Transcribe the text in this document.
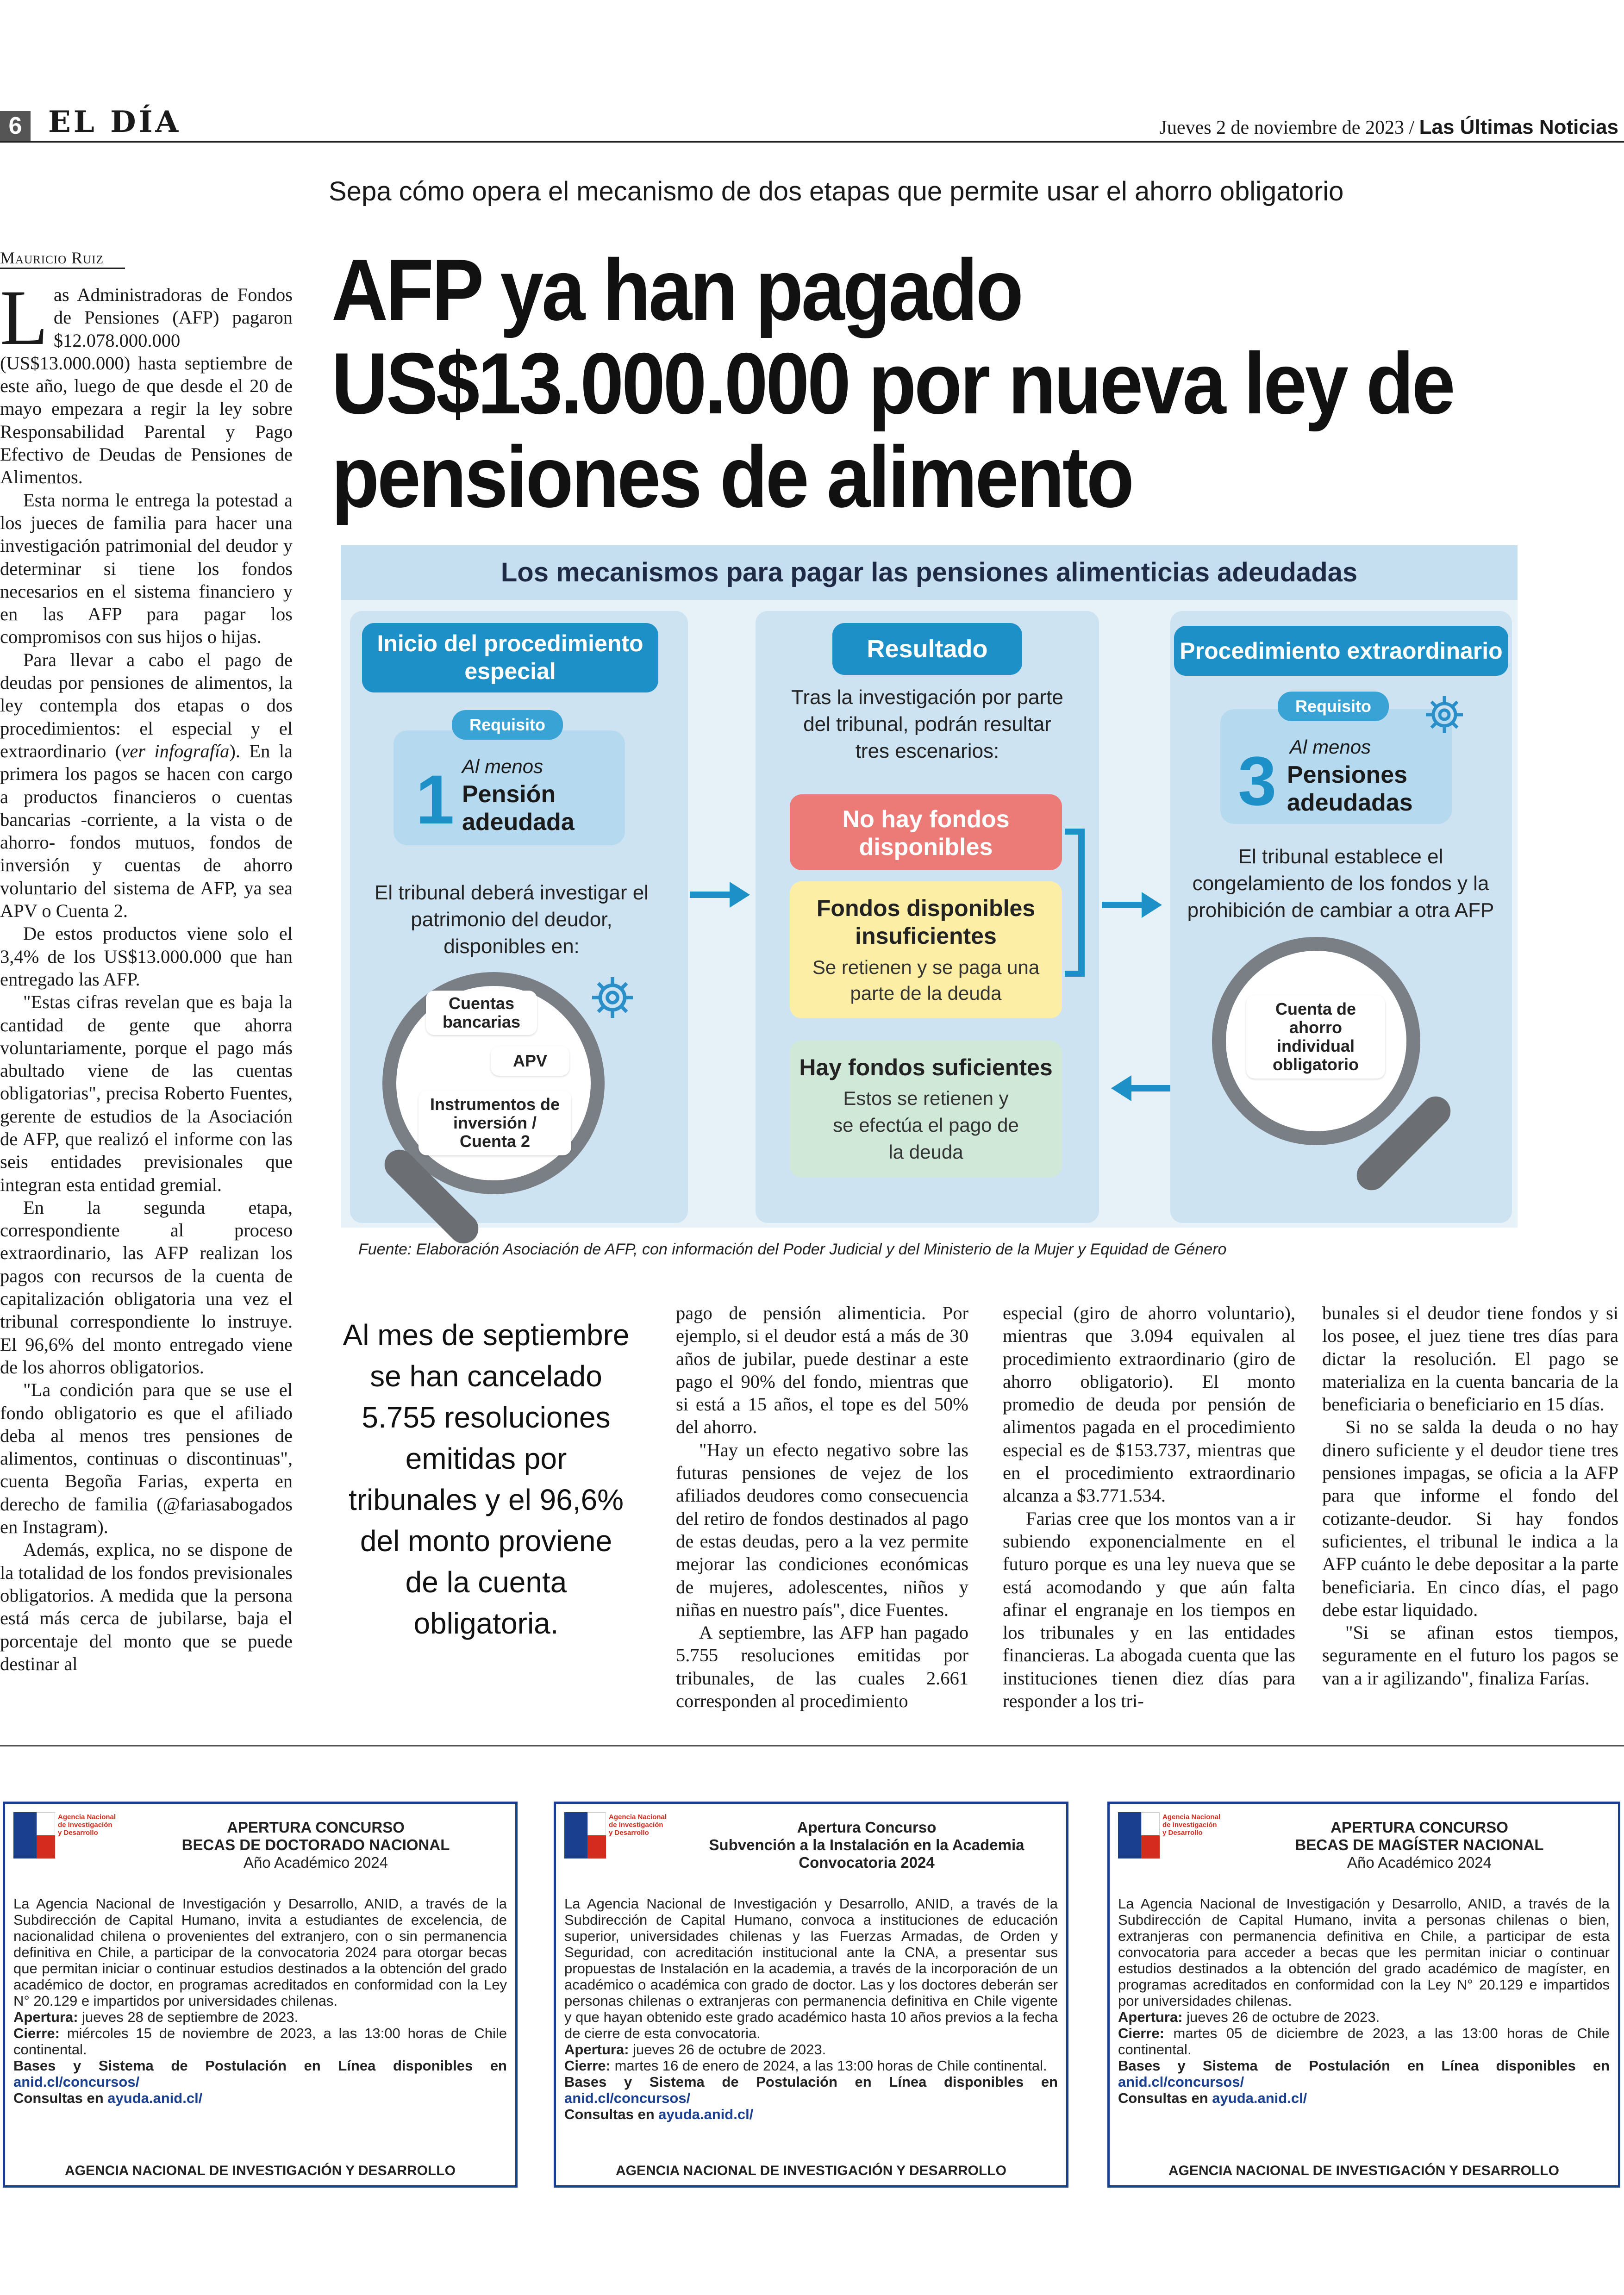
6 EL DÍA	Jueves 2 de noviembre de 2023 / Las Últimas Noticias
Sepa cómo opera el mecanismo de dos etapas que permite usar el ahorro obligatorio
Mauricio Ruiz	AFP ya han pagado
US$13.000.000 por nueva ley de
pensiones de alimento

Las Administradoras de Fondos de Pensiones (AFP) pagaron $12.078.000.000 (US$13.000.000) hasta septiembre de este año, luego de que desde el 20 de mayo empezara a regir la ley sobre Responsabilidad Parental y Pago Efectivo de Deudas de Pensiones de Alimentos.

Esta norma le entrega la potestad a los jueces de familia para hacer una investigación patrimonial del deudor y determinar si tiene los fondos necesarios en el sistema financiero y en las AFP para pagar los compromisos con sus hijos o hijas.

Para llevar a cabo el pago de deudas por pensiones de alimentos, la ley contempla dos etapas o dos procedimientos: el especial y el extraordinario (ver infografía). En la primera los pagos se hacen con cargo a productos financieros o cuentas bancarias -corriente, a la vista o de ahorro- fondos mutuos, fondos de inversión y cuentas de ahorro voluntario del sistema de AFP, ya sea APV o Cuenta 2.

De estos productos viene solo el 3,4% de los US$13.000.000 que han entregado las AFP.

"Estas cifras revelan que es baja la cantidad de gente que ahorra voluntariamente, porque el pago más abultado viene de las cuentas obligatorias", precisa Roberto Fuentes, gerente de estudios de la Asociación de AFP, que realizó el informe con las seis entidades previsionales que integran esta entidad gremial.

En la segunda etapa, correspondiente al proceso extraordinario, las AFP realizan los pagos con recursos de la cuenta de capitalización obligatoria una vez el tribunal correspondiente lo instruye. El 96,6% del monto entregado viene de los ahorros obligatorios.

"La condición para que se use el fondo obligatorio es que el afiliado deba al menos tres pensiones de alimentos, continuas o discontinuas", cuenta Begoña Farias, experta en derecho de familia (@fariasabogados en Instagram).

Además, explica, no se dispone de la totalidad de los fondos previsionales obligatorios. A medida que la persona está más cerca de jubilarse, baja el porcentaje del monto que se puede destinar al

Los mecanismos para pagar las pensiones alimenticias adeudadas
Inicio del procedimiento especial
Requisito
1 Al menos
Pensión adeudada
El tribunal deberá investigar el patrimonio del deudor, disponibles en:
Cuentas bancarias
APV
Instrumentos de inversión / Cuenta 2
Resultado
Tras la investigación por parte del tribunal, podrán resultar tres escenarios:
No hay fondos disponibles
Fondos disponibles insuficientes
Se retienen y se paga una parte de la deuda
Hay fondos suficientes
Estos se retienen y se efectúa el pago de la deuda
Procedimiento extraordinario
Requisito
3 Al menos
Pensiones adeudadas
El tribunal establece el congelamiento de los fondos y la prohibición de cambiar a otra AFP
Cuenta de ahorro individual obligatorio
Fuente: Elaboración Asociación de AFP, con información del Poder Judicial y del Ministerio de la Mujer y Equidad de Género
Al mes de septiembre se han cancelado 5.755 resoluciones emitidas por tribunales y el 96,6% del monto proviene de la cuenta obligatoria.

pago de pensión alimenticia. Por ejemplo, si el deudor está a más de 30 años de jubilar, puede destinar a este pago el 90% del fondo, mientras que si está a 15 años, el tope es del 50% del ahorro.

"Hay un efecto negativo sobre las futuras pensiones de vejez de los afiliados deudores como consecuencia del retiro de fondos destinados al pago de estas deudas, pero a la vez permite mejorar las condiciones económicas de mujeres, adolescentes, niños y niñas en nuestro país", dice Fuentes.

A septiembre, las AFP han pagado 5.755 resoluciones emitidas por tribunales, de las cuales 2.661 corresponden al procedimiento

especial (giro de ahorro voluntario), mientras que 3.094 equivalen al procedimiento extraordinario (giro de ahorro obligatorio). El monto promedio de deuda por pensión de alimentos pagada en el procedimiento especial es de $153.737, mientras que en el procedimiento extraordinario alcanza a $3.771.534.

Farias cree que los montos van a ir subiendo exponencialmente en el futuro porque es una ley nueva que se está acomodando y que aún falta afinar el engranaje en los tiempos en los tribunales y en las entidades financieras. La abogada cuenta que las instituciones tienen diez días para responder a los tri-

bunales si el deudor tiene fondos y si los posee, el juez tiene tres días para dictar la resolución. El pago se materializa en la cuenta bancaria de la beneficiaria o beneficiario en 15 días.

Si no se salda la deuda o no hay dinero suficiente y el deudor tiene tres pensiones impagas, se oficia a la AFP para que informe el fondo del cotizante-deudor. Si hay fondos suficientes, el tribunal le indica a la AFP cuánto le debe depositar a la parte beneficiaria. En cinco días, el pago debe estar liquidado.

"Si se afinan estos tiempos, seguramente en el futuro los pagos se van a ir agilizando", finaliza Farías.

Agencia Nacional de Investigación y Desarrollo	APERTURA CONCURSO
BECAS DE DOCTORADO NACIONAL
Año Académico 2024
La Agencia Nacional de Investigación y Desarrollo, ANID, a través de la Subdirección de Capital Humano, invita a estudiantes de excelencia, de nacionalidad chilena o provenientes del extranjero, con o sin permanencia definitiva en Chile, a participar de la convocatoria 2024 para otorgar becas que permitan iniciar o continuar estudios destinados a la obtención del grado académico de doctor, en programas acreditados en conformidad con la Ley N° 20.129 e impartidos por universidades chilenas.
Apertura: jueves 28 de septiembre de 2023.
Cierre: miércoles 15 de noviembre de 2023, a las 13:00 horas de Chile continental.
Bases y Sistema de Postulación en Línea disponibles en anid.cl/concursos/
Consultas en ayuda.anid.cl/
AGENCIA NACIONAL DE INVESTIGACIÓN Y DESARROLLO
Agencia Nacional de Investigación y Desarrollo	Apertura Concurso
Subvención a la Instalación en la Academia
Convocatoria 2024
La Agencia Nacional de Investigación y Desarrollo, ANID, a través de la Subdirección de Capital Humano, convoca a instituciones de educación superior, universidades chilenas y las Fuerzas Armadas, de Orden y Seguridad, con acreditación institucional ante la CNA, a presentar sus propuestas de Instalación en la academia, a través de la incorporación de un académico o académica con grado de doctor. Las y los doctores deberán ser personas chilenas o extranjeras con permanencia definitiva en Chile vigente y que hayan obtenido este grado académico hasta 10 años previos a la fecha de cierre de esta convocatoria.
Apertura: jueves 26 de octubre de 2023.
Cierre: martes 16 de enero de 2024, a las 13:00 horas de Chile continental.
Bases y Sistema de Postulación en Línea disponibles en anid.cl/concursos/
Consultas en ayuda.anid.cl/
AGENCIA NACIONAL DE INVESTIGACIÓN Y DESARROLLO
Agencia Nacional de Investigación y Desarrollo	APERTURA CONCURSO
BECAS DE MAGÍSTER NACIONAL
Año Académico 2024
La Agencia Nacional de Investigación y Desarrollo, ANID, a través de la Subdirección de Capital Humano, invita a personas chilenas o bien, extranjeras con permanencia definitiva en Chile, a participar de esta convocatoria para acceder a becas que les permitan iniciar o continuar estudios destinados a la obtención del grado académico de magíster, en programas acreditados en conformidad con la Ley N° 20.129 e impartidos por universidades chilenas.
Apertura: jueves 26 de octubre de 2023.
Cierre: martes 05 de diciembre de 2023, a las 13:00 horas de Chile continental.
Bases y Sistema de Postulación en Línea disponibles en anid.cl/concursos/
Consultas en ayuda.anid.cl/
AGENCIA NACIONAL DE INVESTIGACIÓN Y DESARROLLO
